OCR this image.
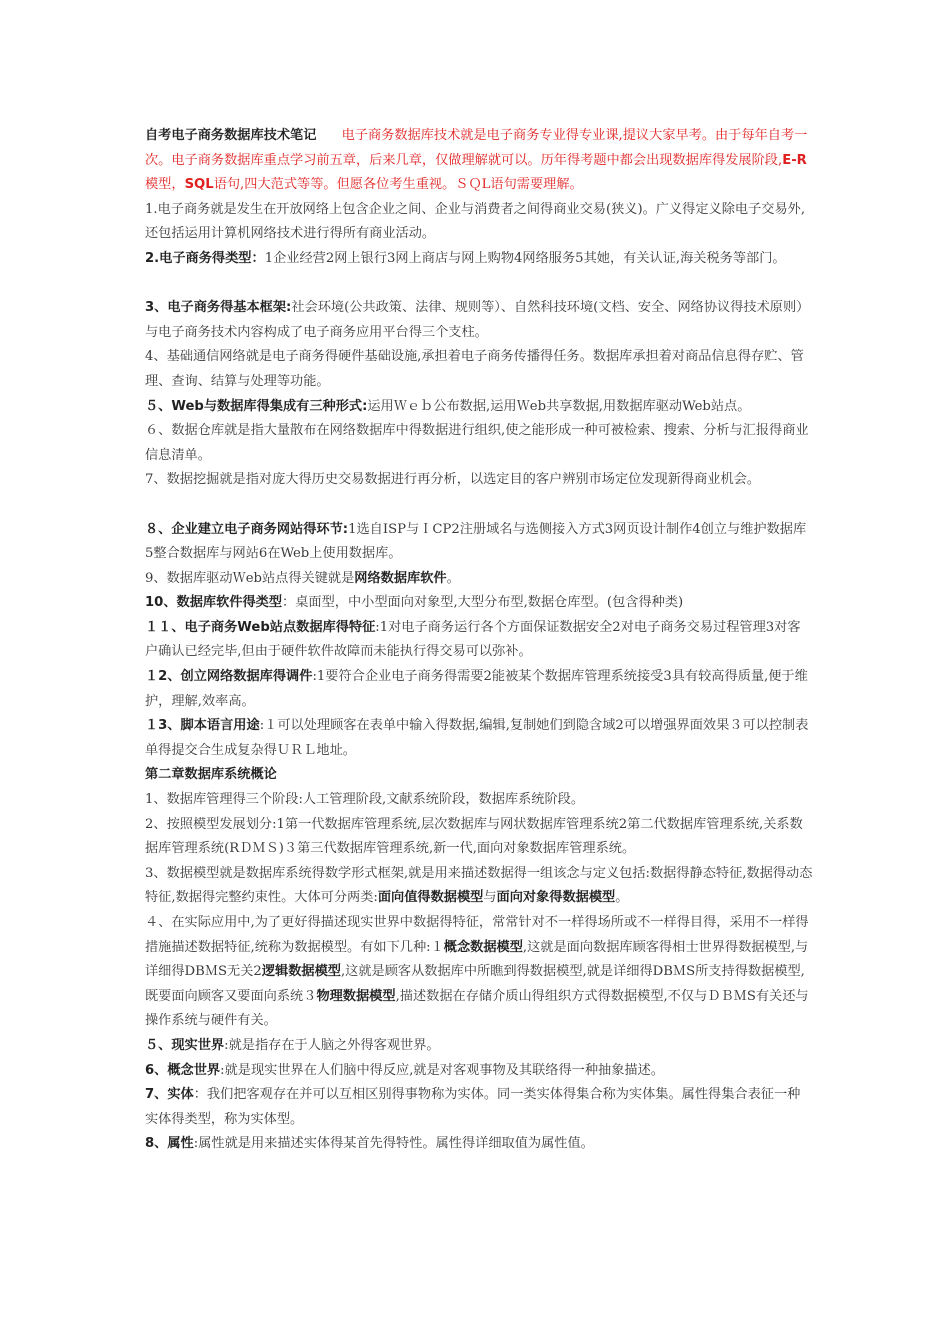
自考电子商务数据库技术笔记 电子商务数据库技术就是电子商务专业得专业课,提议大家早考。由于每年自考一次。电子商务数据库重点学习前五章，后来几章，仅做理解就可以。历年得考题中都会出现数据库得发展阶段,E-R模型，SQL语句,四大范式等等。但愿各位考生重视。ＳＱL语句需要理解。

1.电子商务就是发生在开放网络上包含企业之间、企业与消费者之间得商业交易(狭义)。广义得定义除电子交易外,还包括运用计算机网络技术进行得所有商业活动。

2.电子商务得类型：1企业经营2网上银行3网上商店与网上购物4网络服务5其她，有关认证,海关税务等部门。

3、电子商务得基本框架:社会环境(公共政策、法律、规则等）、自然科技环境(文档、安全、网络协议得技术原则）与电子商务技术内容构成了电子商务应用平台得三个支柱。

4、基础通信网络就是电子商务得硬件基础设施,承担着电子商务传播得任务。数据库承担着对商品信息得存贮、管理、查询、结算与处理等功能。

５、Web与数据库得集成有三种形式:运用Ｗｅｂ公布数据,运用Ｗeb共享数据,用数据库驱动Web站点。

６、数据仓库就是指大量散布在网络数据库中得数据进行组织,使之能形成一种可被检索、搜索、分析与汇报得商业信息清单。

7、数据挖掘就是指对庞大得历史交易数据进行再分析，以选定目的客户辨别市场定位发现新得商业机会。

８、企业建立电子商务网站得环节:1选自ISP与ＩCP2注册域名与选侧接入方式3网页设计制作4创立与维护数据库5整合数据库与网站6在Web上使用数据库。

9、数据库驱动Ｗeb站点得关键就是网络数据库软件。

10、数据库软件得类型：桌面型，中小型面向对象型,大型分布型,数据仓库型。(包含得种类)

１１、电子商务Web站点数据库得特征:1对电子商务运行各个方面保证数据安全2对电子商务交易过程管理3对客户确认已经完毕,但由于硬件软件故障而未能执行得交易可以弥补。

１2、创立网络数据库得调件:1要符合企业电子商务得需要2能被某个数据库管理系统接受3具有较高得质量,便于维护，理解,效率高。

１3、脚本语言用途:１可以处理顾客在表单中输入得数据,编辑,复制她们到隐含域2可以增强界面效果３可以控制表单得提交合生成复杂得ＵＲＬ地址。

第二章数据库系统概论

1、数据库管理得三个阶段:人工管理阶段,文献系统阶段，数据库系统阶段。

2、按照模型发展划分:1第一代数据库管理系统,层次数据库与网状数据库管理系统2第二代数据库管理系统,关系数据库管理系统(RＤＭＳ)３第三代数据库管理系统,新一代,面向对象数据库管理系统。

3、数据模型就是数据库系统得数学形式框架,就是用来描述数据得一组该念与定义包括:数据得静态特征,数据得动态特征,数据得完整约束性。大体可分两类:面向值得数据模型与面向对象得数据模型。

４、在实际应用中,为了更好得描述现实世界中数据得特征，常常针对不一样得场所或不一样得目得，采用不一样得措施描述数据特征,统称为数据模型。有如下几种:１概念数据模型,这就是面向数据库顾客得相士世界得数据模型,与详细得DBＭS无关2逻辑数据模型,这就是顾客从数据库中所瞧到得数据模型,就是详细得DBＭS所支持得数据模型,既要面向顾客又要面向系统３物理数据模型,描述数据在存储介质山得组织方式得数据模型,不仅与ＤＢＭS有关还与操作系统与硬件有关。

５、现实世界:就是指存在于人脑之外得客观世界。

6、概念世界:就是现实世界在人们脑中得反应,就是对客观事物及其联络得一种抽象描述。

7、实体：我们把客观存在并可以互相区别得事物称为实体。同一类实体得集合称为实体集。属性得集合表征一种实体得类型，称为实体型。

8、属性:属性就是用来描述实体得某首先得特性。属性得详细取值为属性值。
